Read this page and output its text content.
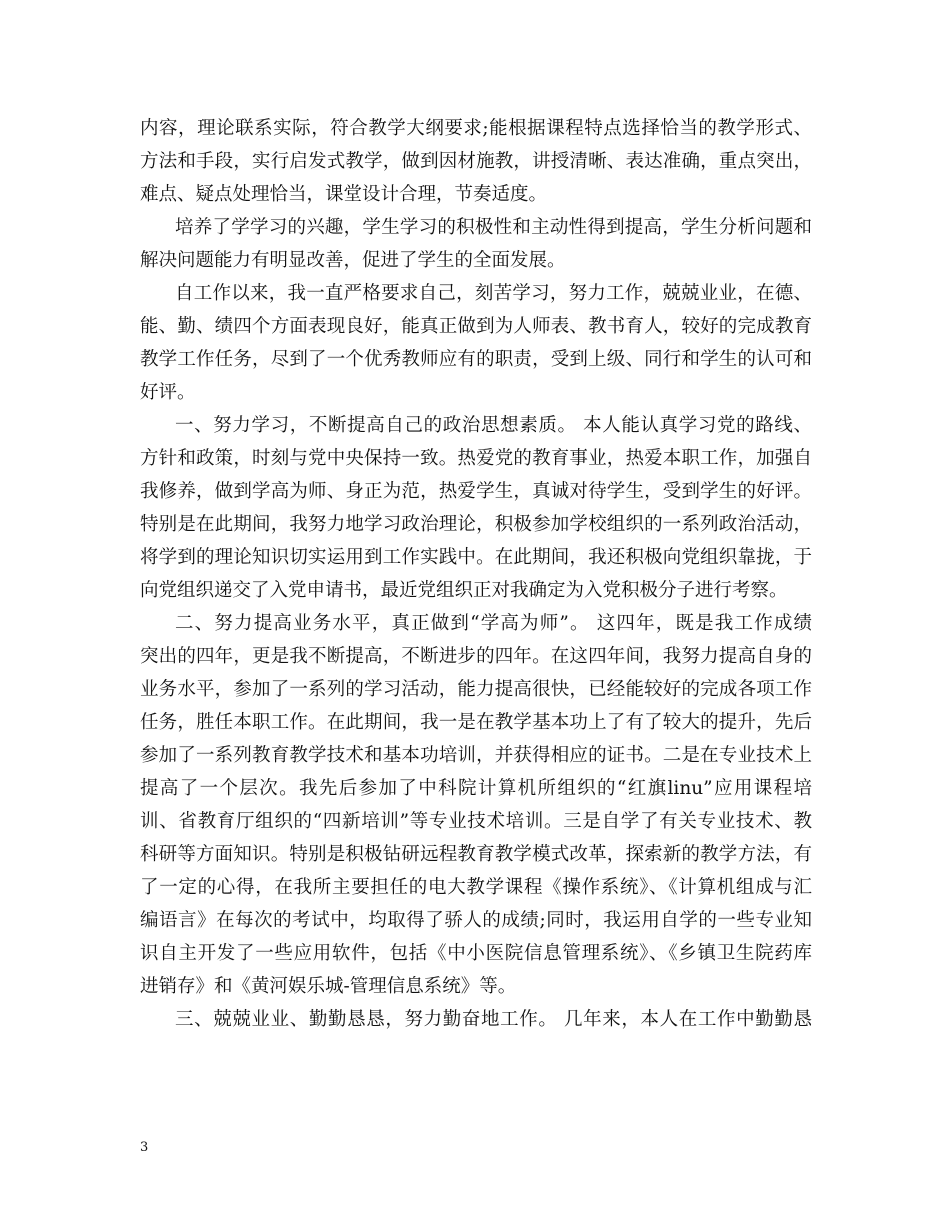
内容，理论联系实际，符合教学大纲要求;能根据课程特点选择恰当的教学形式、
方法和手段，实行启发式教学，做到因材施教，讲授清晰、表达准确，重点突出，
难点、疑点处理恰当，课堂设计合理，节奏适度。
培养了学学习的兴趣，学生学习的积极性和主动性得到提高，学生分析问题和
解决问题能力有明显改善，促进了学生的全面发展。
自工作以来，我一直严格要求自己，刻苦学习，努力工作，兢兢业业，在德、
能、勤、绩四个方面表现良好，能真正做到为人师表、教书育人，较好的完成教育
教学工作任务，尽到了一个优秀教师应有的职责，受到上级、同行和学生的认可和
好评。
一、努力学习，不断提高自己的政治思想素质。 本人能认真学习党的路线、
方针和政策，时刻与党中央保持一致。热爱党的教育事业，热爱本职工作，加强自
我修养，做到学高为师、身正为范，热爱学生，真诚对待学生，受到学生的好评。
特别是在此期间，我努力地学习政治理论，积极参加学校组织的一系列政治活动，
将学到的理论知识切实运用到工作实践中。在此期间，我还积极向党组织靠拢，于
向党组织递交了入党申请书，最近党组织正对我确定为入党积极分子进行考察。
二、努力提高业务水平，真正做到“学高为师”。 这四年，既是我工作成绩
突出的四年，更是我不断提高，不断进步的四年。在这四年间，我努力提高自身的
业务水平，参加了一系列的学习活动，能力提高很快，已经能较好的完成各项工作
任务，胜任本职工作。在此期间，我一是在教学基本功上了有了较大的提升，先后
参加了一系列教育教学技术和基本功培训，并获得相应的证书。二是在专业技术上
提高了一个层次。我先后参加了中科院计算机所组织的“红旗linu”应用课程培
训、省教育厅组织的“四新培训”等专业技术培训。三是自学了有关专业技术、教
科研等方面知识。特别是积极钻研远程教育教学模式改革，探索新的教学方法，有
了一定的心得，在我所主要担任的电大教学课程《操作系统》、《计算机组成与汇
编语言》在每次的考试中，均取得了骄人的成绩;同时，我运用自学的一些专业知
识自主开发了一些应用软件，包括《中小医院信息管理系统》、《乡镇卫生院药库
进销存》和《黄河娱乐城-管理信息系统》等。
三、兢兢业业、勤勤恳恳，努力勤奋地工作。 几年来，本人在工作中勤勤恳
3
